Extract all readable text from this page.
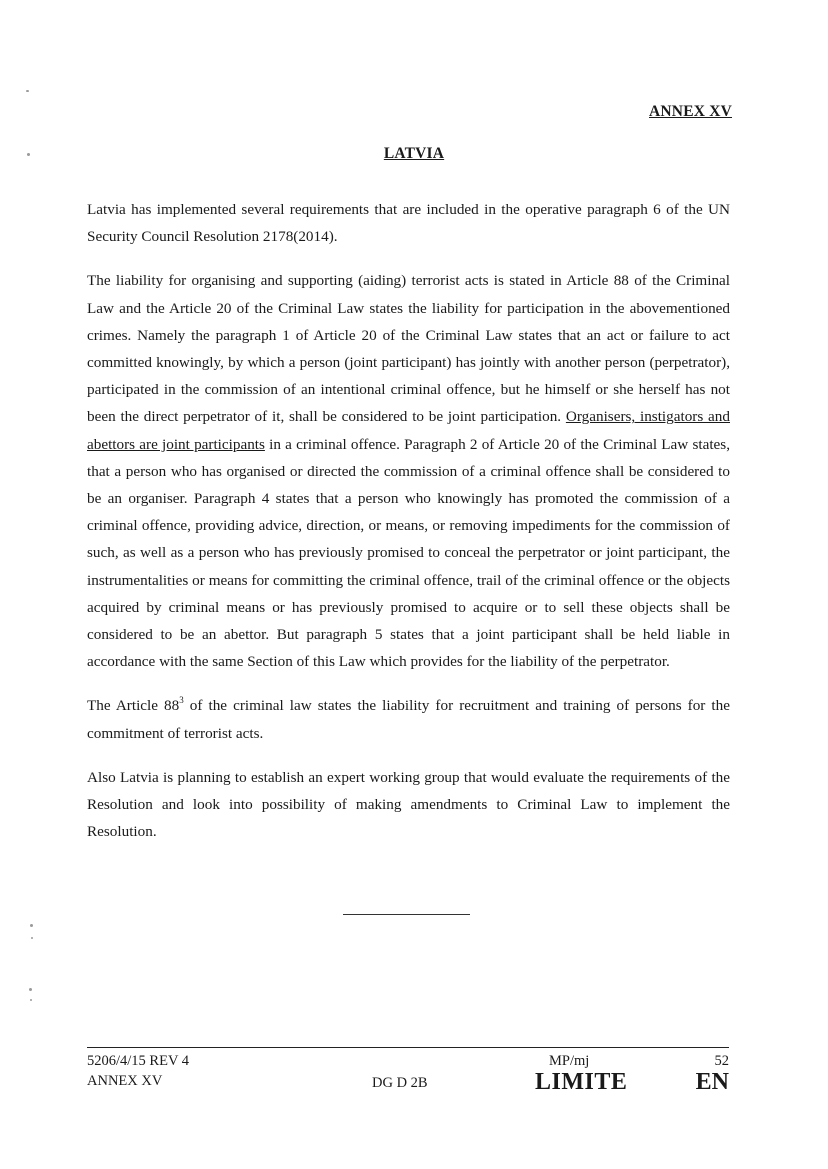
ANNEX XV
LATVIA

Latvia has implemented several requirements that are included in the operative paragraph 6 of the UN Security Council Resolution 2178(2014).

The liability for organising and supporting (aiding) terrorist acts is stated in Article 88 of the Criminal Law and the Article 20 of the Criminal Law states the liability for participation in the abovementioned crimes. Namely the paragraph 1 of Article 20 of the Criminal Law states that an act or failure to act committed knowingly, by which a person (joint participant) has jointly with another person (perpetrator), participated in the commission of an intentional criminal offence, but he himself or she herself has not been the direct perpetrator of it, shall be considered to be joint participation. Organisers, instigators and abettors are joint participants in a criminal offence. Paragraph 2 of Article 20 of the Criminal Law states, that a person who has organised or directed the commission of a criminal offence shall be considered to be an organiser. Paragraph 4 states that a person who knowingly has promoted the commission of a criminal offence, providing advice, direction, or means, or removing impediments for the commission of such, as well as a person who has previously promised to conceal the perpetrator or joint participant, the instrumentalities or means for committing the criminal offence, trail of the criminal offence or the objects acquired by criminal means or has previously promised to acquire or to sell these objects shall be considered to be an abettor. But paragraph 5 states that a joint participant shall be held liable in accordance with the same Section of this Law which provides for the liability of the perpetrator.

The Article $88^3$ of the criminal law states the liability for recruitment and training of persons for the commitment of terrorist acts.

Also Latvia is planning to establish an expert working group that would evaluate the requirements of the Resolution and look into possibility of making amendments to Criminal Law to implement the Resolution.

5206/4/15 REV 4
ANNEX XV	DG D 2B
MP/mj	52
LIMITE	EN
